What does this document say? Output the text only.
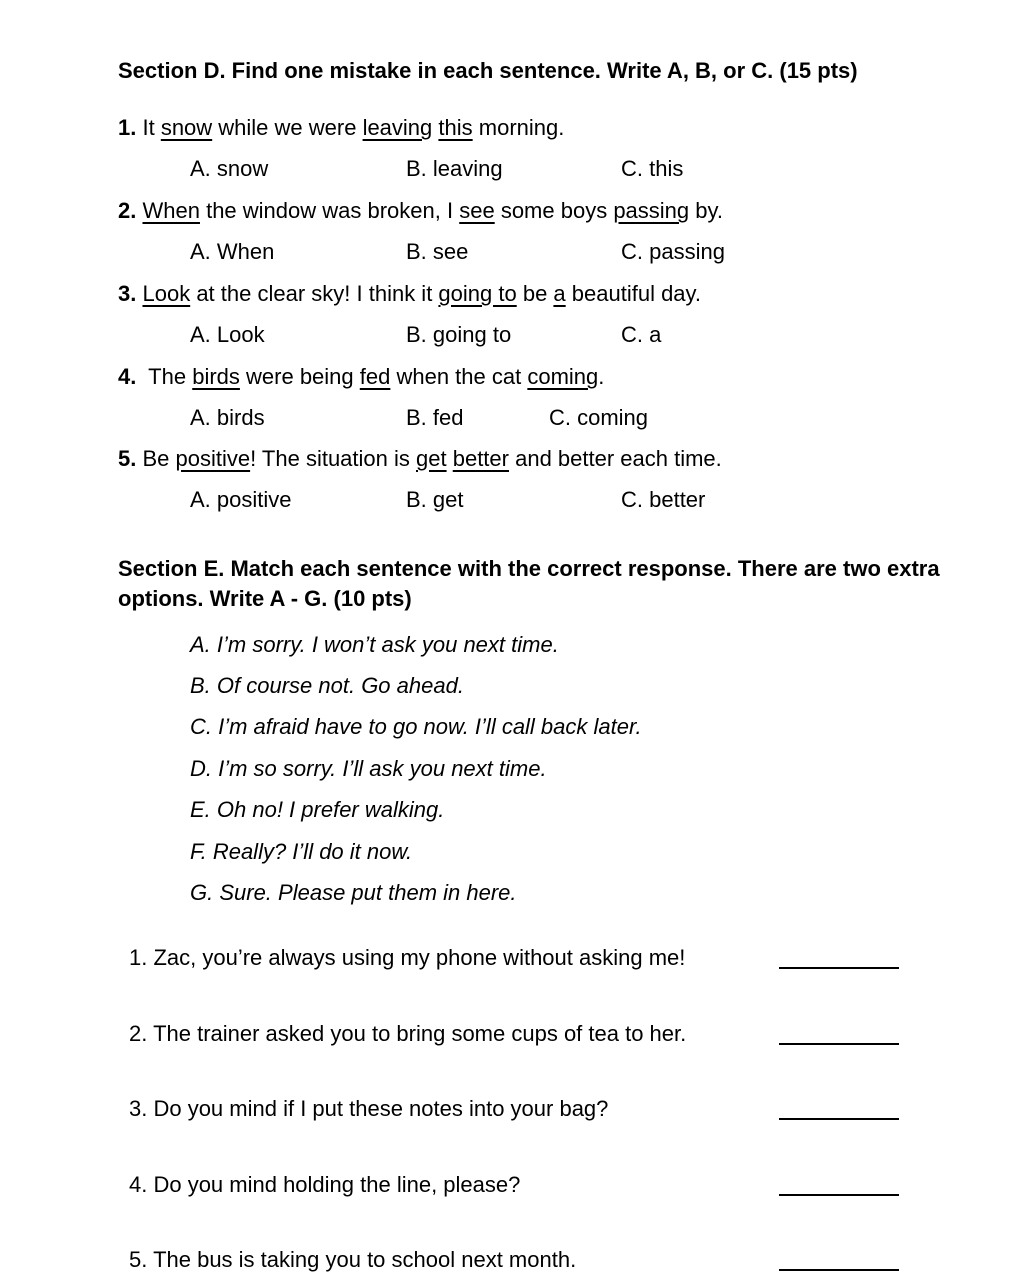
Section D. Find one mistake in each sentence. Write A, B, or C. (15 pts)
1. It snow while we were leaving this morning.
A. snow	B. leaving	C. this
2. When the window was broken, I see some boys passing by.
A. When	B. see	C. passing
3. Look at the clear sky! I think it going to be a beautiful day.
A. Look	B. going to	C. a
4.  The birds were being fed when the cat coming.
A. birds	B. fed	C. coming
5. Be positive! The situation is get better and better each time.
A. positive	B. get	C. better
Section E. Match each sentence with the correct response. There are two extra
options. Write A - G. (10 pts)
A. I’m sorry. I won’t ask you next time.
B. Of course not. Go ahead.
C. I’m afraid have to go now. I’ll call back later.
D. I’m so sorry. I’ll ask you next time.
E. Oh no! I prefer walking.
F. Really? I’ll do it now.
G. Sure. Please put them in here.
1. Zac, you’re always using my phone without asking me!
2. The trainer asked you to bring some cups of tea to her.
3. Do you mind if I put these notes into your bag?
4. Do you mind holding the line, please?
5. The bus is taking you to school next month.
